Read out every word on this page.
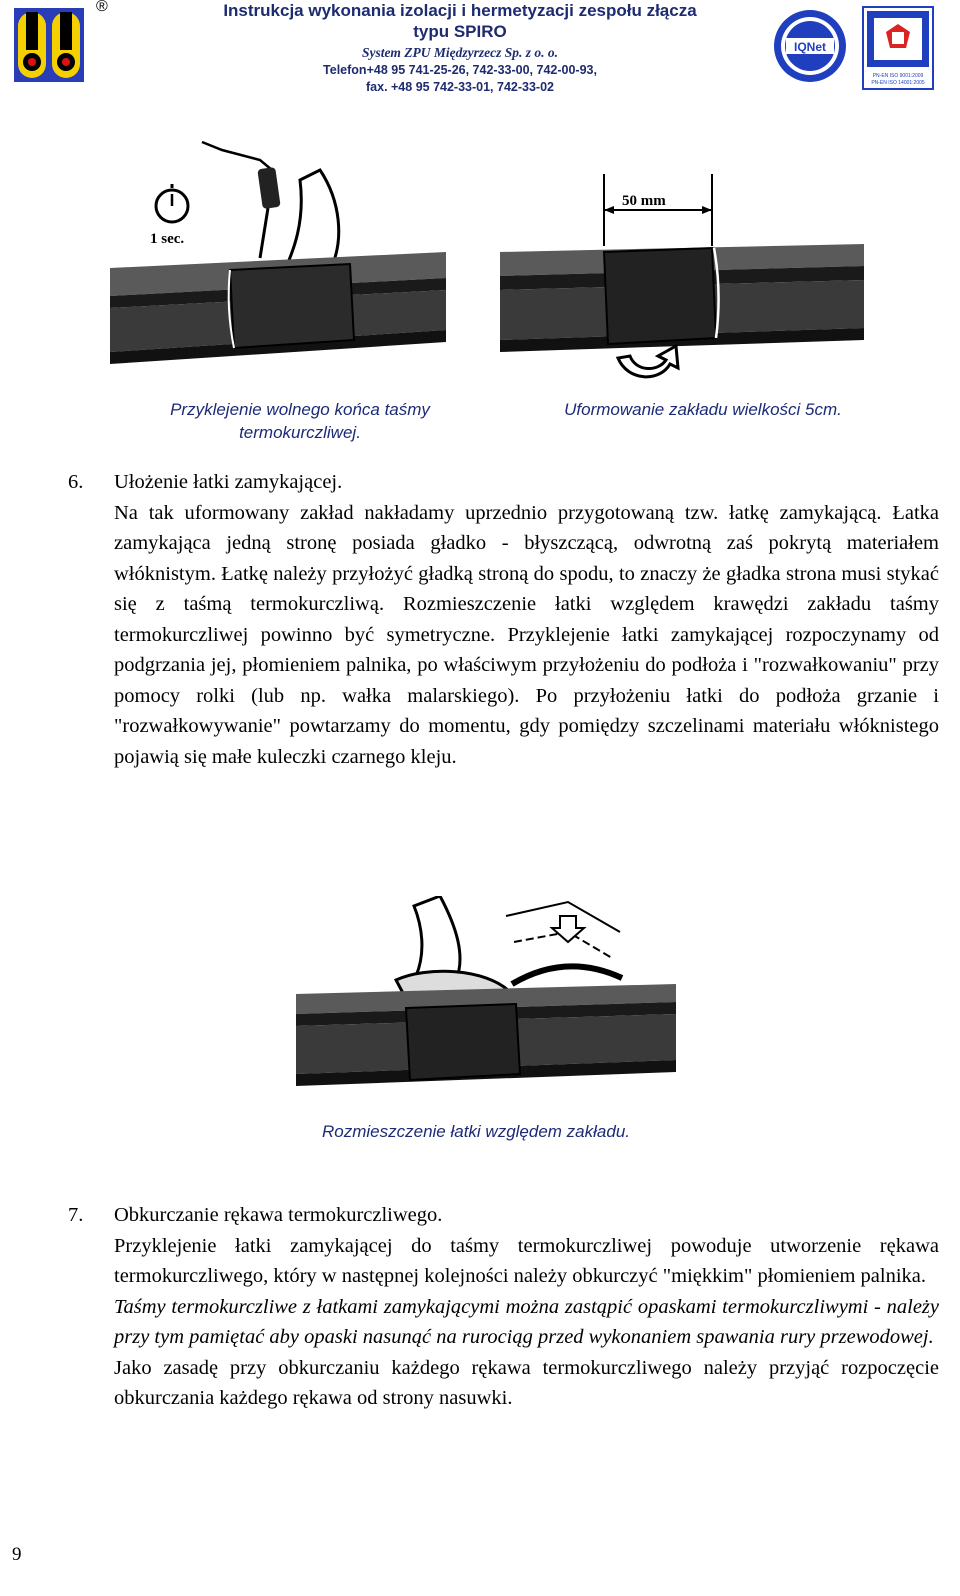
®	Instrukcja wykonania izolacji i hermetyzacji zespołu złącza
typu SPIRO
System ZPU Międzyrzecz Sp. z o. o.
Telefon+48 95 741-25-26, 742-33-00, 742-00-93,
fax. +48 95 742-33-01, 742-33-02
IQNet
PN-EN ISO 9001:2009
PN-EN ISO 14001:2005
1 sec.
Przyklejenie wolnego końca taśmy termokurczliwej.
50 mm
Uformowanie zakładu wielkości 5cm.
6. Ułożenie łatki zamykającej.

Na tak uformowany zakład nakładamy uprzednio przygotowaną tzw. łatkę zamykającą. Łatka zamykająca jedną stronę posiada gładko - błyszczącą, odwrotną zaś pokrytą materiałem włóknistym. Łatkę należy przyłożyć gładką stroną do spodu, to znaczy że gładka strona musi stykać się z taśmą termokurczliwą. Rozmieszczenie łatki względem krawędzi zakładu taśmy termokurczliwej powinno być symetryczne. Przyklejenie łatki zamykającej rozpoczynamy od podgrzania jej, płomieniem palnika, po właściwym przyłożeniu do podłoża i "rozwałkowaniu" przy pomocy rolki (lub np. wałka malarskiego). Po przyłożeniu łatki do podłoża grzanie i "rozwałkowywanie" powtarzamy do momentu, gdy pomiędzy szczelinami materiału włóknistego pojawią się małe kuleczki czarnego kleju.

Rozmieszczenie łatki względem zakładu.
7. Obkurczanie rękawa termokurczliwego.

Przyklejenie łatki zamykającej do taśmy termokurczliwej powoduje utworzenie rękawa termokurczliwego, który w następnej kolejności należy obkurczyć "miękkim" płomieniem palnika.

Taśmy termokurczliwe z łatkami zamykającymi można zastąpić opaskami termokurczliwymi - należy przy tym pamiętać aby opaski nasunąć na rurociąg przed wykonaniem spawania rury przewodowej.

Jako zasadę przy obkurczaniu każdego rękawa termokurczliwego należy przyjąć rozpoczęcie obkurczania każdego rękawa od strony nasuwki.

9
